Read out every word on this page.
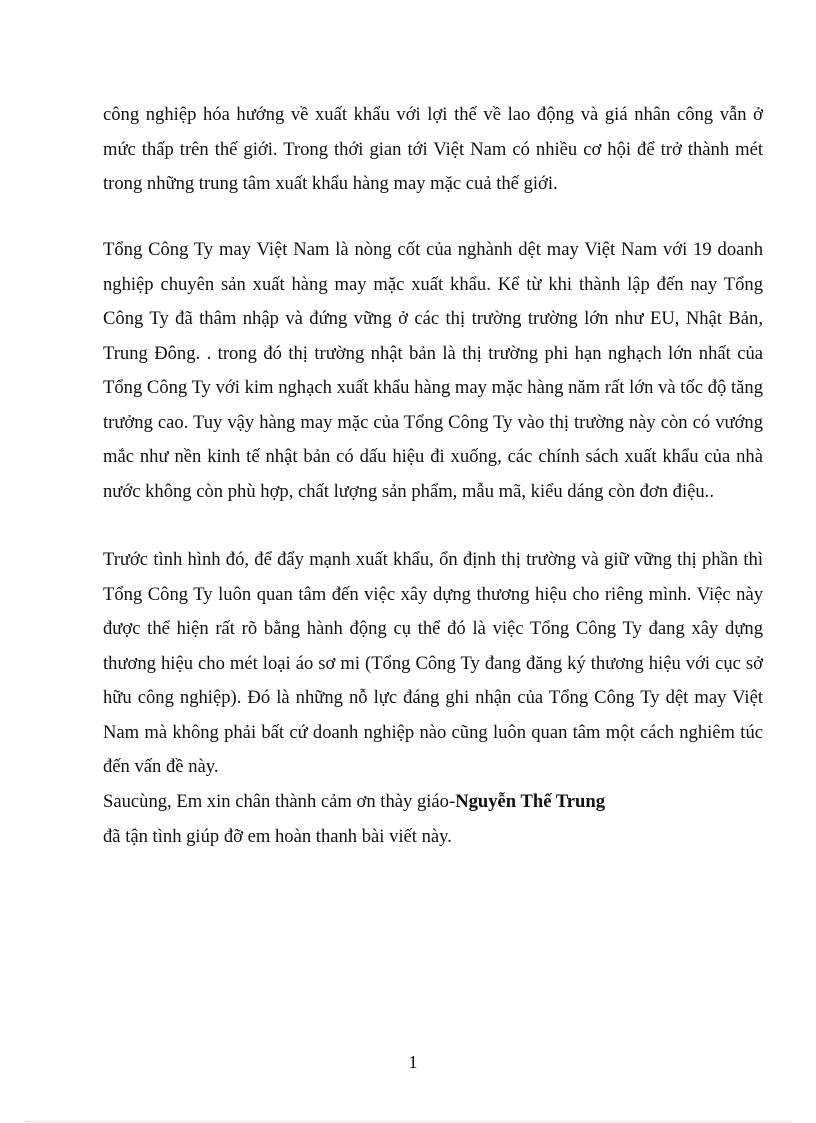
công nghiệp hóa hướng về xuất khẩu với lợi thế về lao động và giá nhân công vẫn ở mức thấp trên thế giới. Trong thới gian tới Việt Nam có nhiều cơ hội để trở thành mét trong những trung tâm xuất khẩu hàng may mặc cuả thế giới.

Tổng Công Ty may Việt Nam là nòng cốt của nghành dệt may Việt Nam với 19 doanh nghiệp chuyên sản xuất hàng may mặc xuất khẩu. Kể từ khi thành lập đến nay Tổng Công Ty đã thâm nhập và đứng vững ở các thị trường trường lớn như EU, Nhật Bản, Trung Đông. . trong đó thị trường nhật bản là thị trường phi hạn nghạch lớn nhất của Tổng Công Ty với kim nghạch xuất khẩu hàng may mặc hàng năm rất lớn và tốc độ tăng trưởng cao. Tuy vậy hàng may mặc của Tổng Công Ty vào thị trường này còn có vướng mắc như nền kinh tế nhật bản có dấu hiệu đi xuống, các chính sách xuất khẩu của nhà nước không còn phù hợp, chất lượng sản phẩm, mẫu mã, kiểu dáng còn đơn điệu..

Trước tình hình đó, để đẩy mạnh xuất khẩu, ổn định thị trường và giữ vững thị phần thì Tổng Công Ty luôn quan tâm đến việc xây dựng thương hiệu cho riêng mình. Việc này được thể hiện rất rõ bằng hành động cụ thể đó là việc Tổng Công Ty đang xây dựng thương hiệu cho mét loại áo sơ mi (Tổng Công Ty đang đăng ký thương hiệu với cục sở hữu công nghiệp). Đó là những nỗ lực đáng ghi nhận của Tổng Công Ty dệt may Việt Nam mà không phải bất cứ doanh nghiệp nào cũng luôn quan tâm một cách nghiêm túc đến vấn đề này.

Saucùng, Em xin chân thành cảm ơn thày giáo-Nguyễn Thế Trung

đã tận tình giúp đỡ em hoàn thanh bài viết này.

1
